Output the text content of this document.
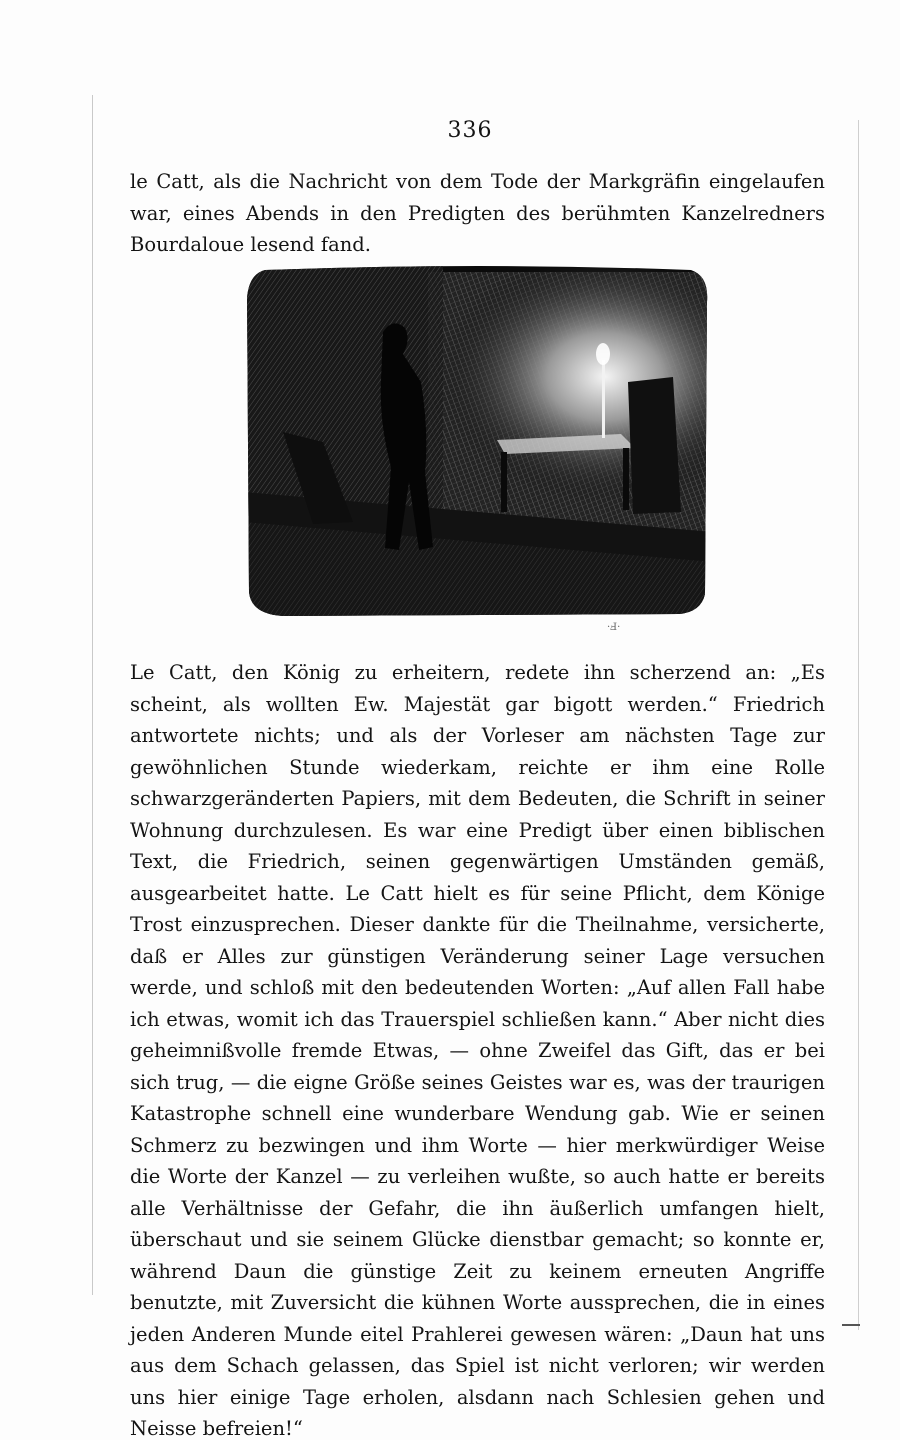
336

le Catt, als die Nachricht von dem Tode der Markgräfin eingelaufen war, eines Abends in den Predigten des berühmten Kanzelredners Bourdaloue lesend fand.

·Ⅎ·

Le Catt, den König zu erheitern, redete ihn scherzend an: „Es scheint, als wollten Ew. Majestät gar bigott werden.“ Friedrich antwortete nichts; und als der Vorleser am nächsten Tage zur gewöhnlichen Stunde wiederkam, reichte er ihm eine Rolle schwarzgeränderten Papiers, mit dem Bedeuten, die Schrift in seiner Wohnung durchzulesen. Es war eine Predigt über einen biblischen Text, die Friedrich, seinen gegenwärtigen Umständen gemäß, ausgearbeitet hatte. Le Catt hielt es für seine Pflicht, dem Könige Trost einzusprechen. Dieser dankte für die Theilnahme, versicherte, daß er Alles zur günstigen Veränderung seiner Lage versuchen werde, und schloß mit den bedeutenden Worten: „Auf allen Fall habe ich etwas, womit ich das Trauerspiel schließen kann.“ Aber nicht dies geheimnißvolle fremde Etwas, — ohne Zweifel das Gift, das er bei sich trug, — die eigne Größe seines Geistes war es, was der traurigen Katastrophe schnell eine wunderbare Wendung gab. Wie er seinen Schmerz zu bezwingen und ihm Worte — hier merkwürdiger Weise die Worte der Kanzel — zu verleihen wußte, so auch hatte er bereits alle Verhältnisse der Gefahr, die ihn äußerlich umfangen hielt, überschaut und sie seinem Glücke dienstbar gemacht; so konnte er, während Daun die günstige Zeit zu keinem erneuten Angriffe benutzte, mit Zuversicht die kühnen Worte aussprechen, die in eines jeden Anderen Munde eitel Prahlerei gewesen wären: „Daun hat uns aus dem Schach gelassen, das Spiel ist nicht verloren; wir werden uns hier einige Tage erholen, alsdann nach Schlesien gehen und Neisse befreien!“
